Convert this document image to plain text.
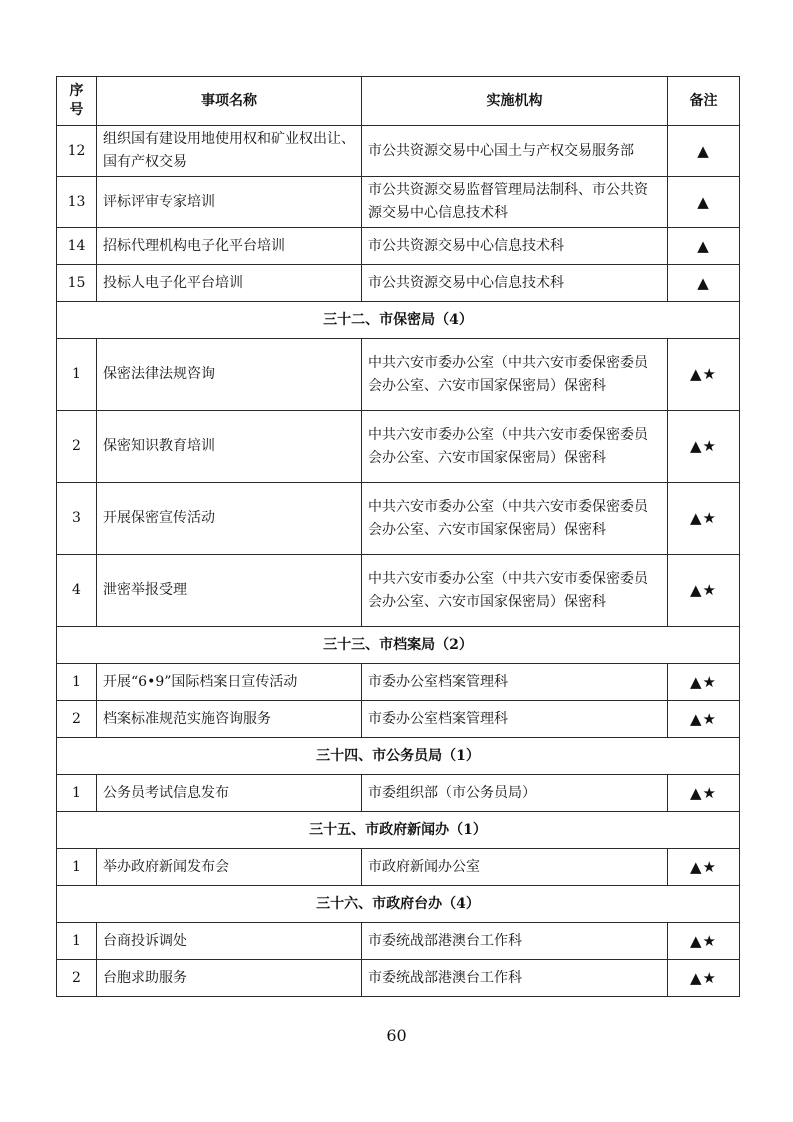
序号	事项名称	实施机构	备注
12	组织国有建设用地使用权和矿业权出让、国有产权交易	市公共资源交易中心国土与产权交易服务部	▲
13	评标评审专家培训	市公共资源交易监督管理局法制科、市公共资源交易中心信息技术科	▲
14	招标代理机构电子化平台培训	市公共资源交易中心信息技术科	▲
15	投标人电子化平台培训	市公共资源交易中心信息技术科	▲
三十二、市保密局（4）			
1	保密法律法规咨询	中共六安市委办公室（中共六安市委保密委员会办公室、六安市国家保密局）保密科	▲★
2	保密知识教育培训	中共六安市委办公室（中共六安市委保密委员会办公室、六安市国家保密局）保密科	▲★
3	开展保密宣传活动	中共六安市委办公室（中共六安市委保密委员会办公室、六安市国家保密局）保密科	▲★
4	泄密举报受理	中共六安市委办公室（中共六安市委保密委员会办公室、六安市国家保密局）保密科	▲★
三十三、市档案局（2）			
1	开展“6•9”国际档案日宣传活动	市委办公室档案管理科	▲★
2	档案标准规范实施咨询服务	市委办公室档案管理科	▲★
三十四、市公务员局（1）			
1	公务员考试信息发布	市委组织部（市公务员局）	▲★
三十五、市政府新闻办（1）			
1	举办政府新闻发布会	市政府新闻办公室	▲★
三十六、市政府台办（4）			
1	台商投诉调处	市委统战部港澳台工作科	▲★
2	台胞求助服务	市委统战部港澳台工作科	▲★
60
